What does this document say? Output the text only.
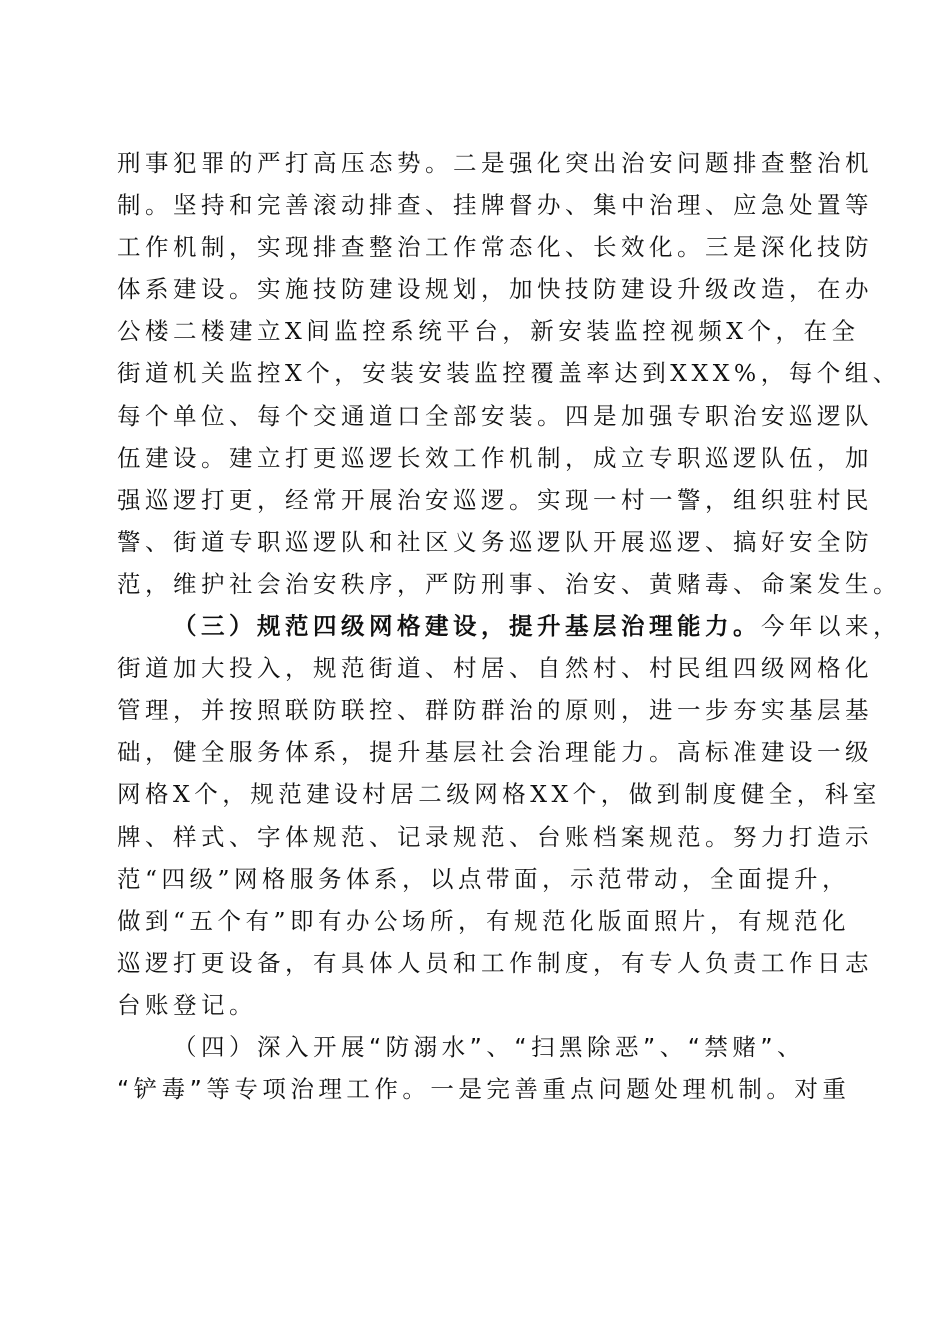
刑事犯罪的严打高压态势。二是强化突出治安问题排查整治机
制。坚持和完善滚动排查、挂牌督办、集中治理、应急处置等
工作机制，实现排查整治工作常态化、长效化。三是深化技防
体系建设。实施技防建设规划，加快技防建设升级改造，在办
公楼二楼建立X间监控系统平台，新安装监控视频X个，在全
街道机关监控X个，安装安装监控覆盖率达到XXX%，每个组、
每个单位、每个交通道口全部安装。四是加强专职治安巡逻队
伍建设。建立打更巡逻长效工作机制，成立专职巡逻队伍，加
强巡逻打更，经常开展治安巡逻。实现一村一警，组织驻村民
警、街道专职巡逻队和社区义务巡逻队开展巡逻、搞好安全防
范，维护社会治安秩序，严防刑事、治安、黄赌毒、命案发生。
（三）规范四级网格建设，提升基层治理能力。今年以来，
街道加大投入，规范街道、村居、自然村、村民组四级网格化
管理，并按照联防联控、群防群治的原则，进一步夯实基层基
础，健全服务体系，提升基层社会治理能力。高标准建设一级
网格X个，规范建设村居二级网格XX个，做到制度健全，科室
牌、样式、字体规范、记录规范、台账档案规范。努力打造示
范“四级”网格服务体系，以点带面，示范带动，全面提升，
做到“五个有”即有办公场所，有规范化版面照片，有规范化
巡逻打更设备，有具体人员和工作制度，有专人负责工作日志
台账登记。
（四）深入开展“防溺水”、“扫黑除恶”、“禁赌”、
“铲毒”等专项治理工作。一是完善重点问题处理机制。对重
